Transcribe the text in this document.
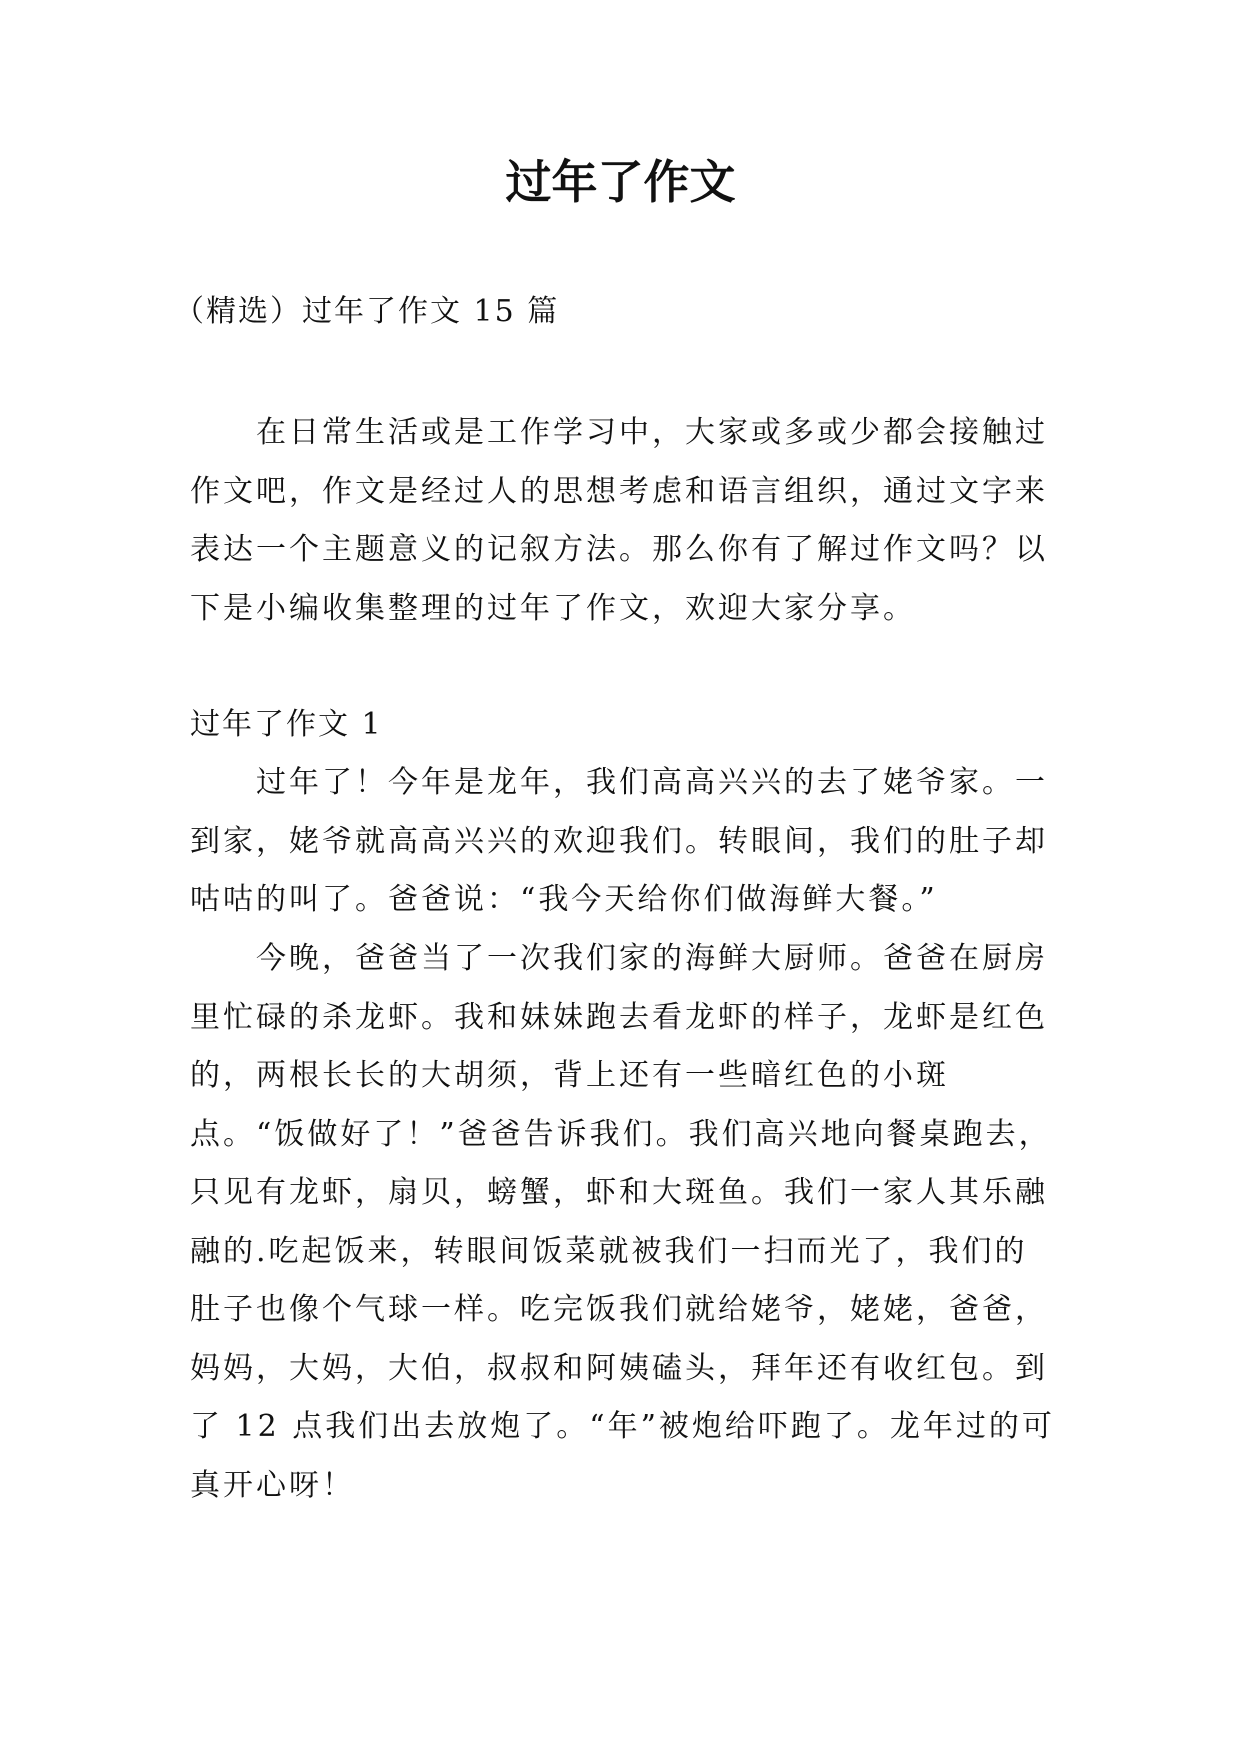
过年了作文

（精选）过年了作文 15 篇

在日常生活或是工作学习中，大家或多或少都会接触过作文吧，作文是经过人的思想考虑和语言组织，通过文字来表达一个主题意义的记叙方法。那么你有了解过作文吗？以下是小编收集整理的过年了作文，欢迎大家分享。

过年了作文 1

过年了！今年是龙年，我们高高兴兴的去了姥爷家。一到家，姥爷就高高兴兴的欢迎我们。转眼间，我们的肚子却咕咕的叫了。爸爸说：“我今天给你们做海鲜大餐。”

今晚，爸爸当了一次我们家的海鲜大厨师。爸爸在厨房里忙碌的杀龙虾。我和妹妹跑去看龙虾的样子，龙虾是红色的，两根长长的大胡须，背上还有一些暗红色的小斑点。“饭做好了！”爸爸告诉我们。我们高兴地向餐桌跑去，只见有龙虾，扇贝，螃蟹，虾和大斑鱼。我们一家人其乐融融的.吃起饭来，转眼间饭菜就被我们一扫而光了，我们的肚子也像个气球一样。吃完饭我们就给姥爷，姥姥，爸爸，妈妈，大妈，大伯，叔叔和阿姨磕头，拜年还有收红包。到了 12 点我们出去放炮了。“年”被炮给吓跑了。龙年过的可真开心呀！
